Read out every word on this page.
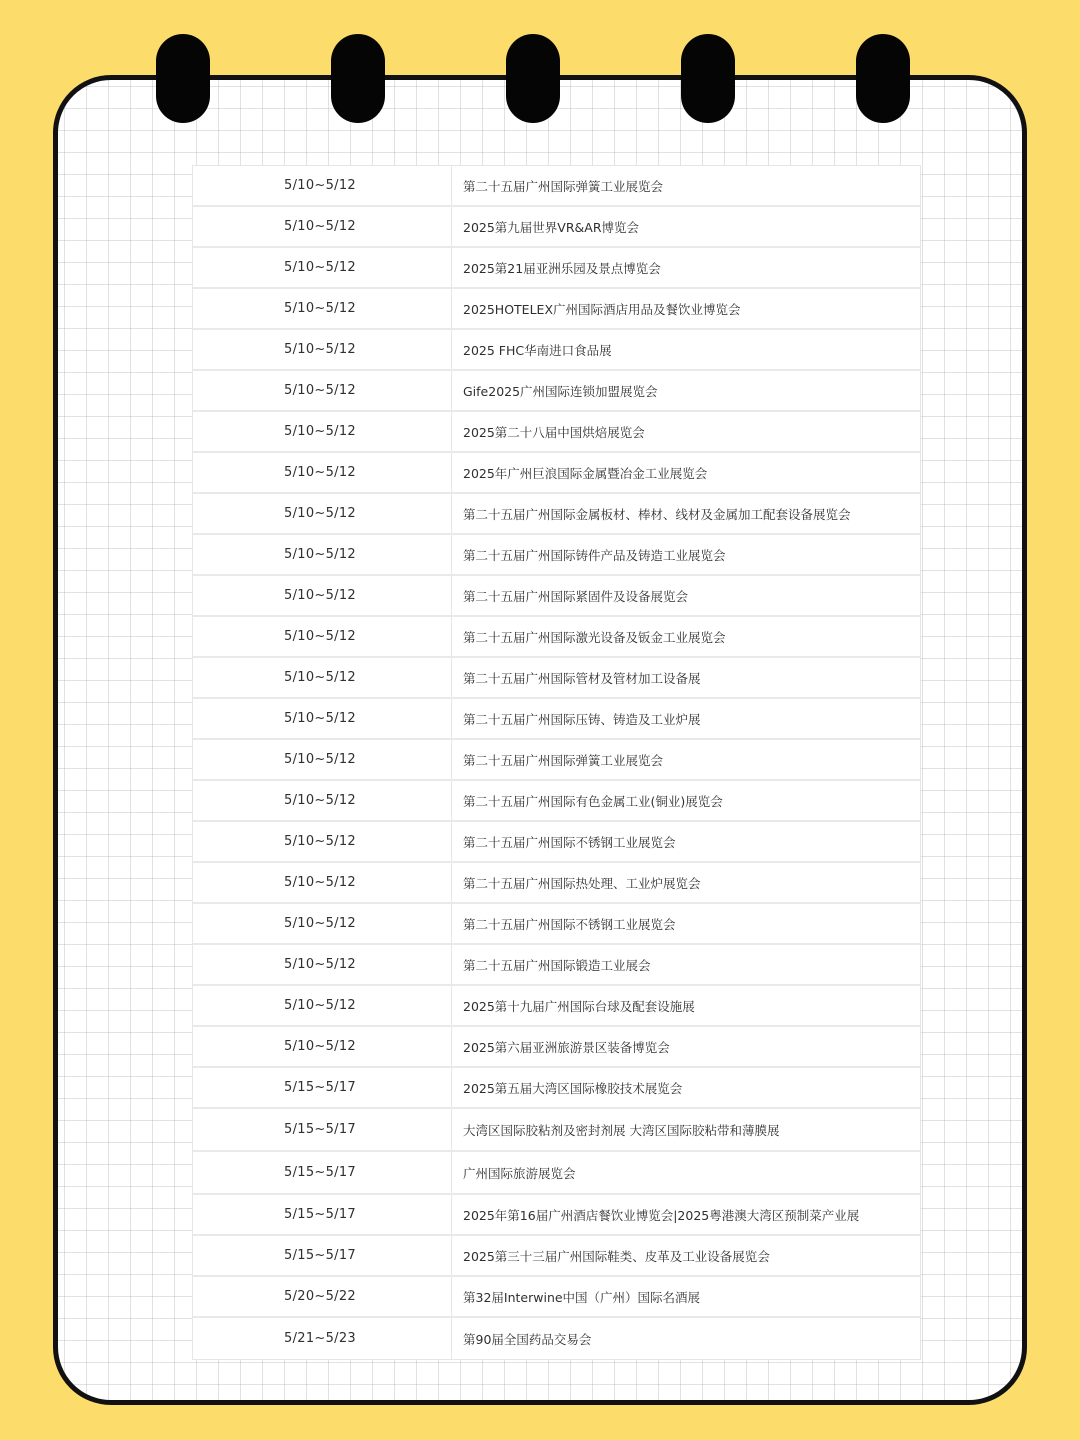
5/10~5/12	第二十五届广州国际弹簧工业展览会
5/10~5/12	2025第九届世界VR&AR博览会
5/10~5/12	2025第21届亚洲乐园及景点博览会
5/10~5/12	2025HOTELEX广州国际酒店用品及餐饮业博览会
5/10~5/12	2025 FHC华南进口食品展
5/10~5/12	Gife2025广州国际连锁加盟展览会
5/10~5/12	2025第二十八届中国烘焙展览会
5/10~5/12	2025年广州巨浪国际金属暨冶金工业展览会
5/10~5/12	第二十五届广州国际金属板材、棒材、线材及金属加工配套设备展览会
5/10~5/12	第二十五届广州国际铸件产品及铸造工业展览会
5/10~5/12	第二十五届广州国际紧固件及设备展览会
5/10~5/12	第二十五届广州国际激光设备及钣金工业展览会
5/10~5/12	第二十五届广州国际管材及管材加工设备展
5/10~5/12	第二十五届广州国际压铸、铸造及工业炉展
5/10~5/12	第二十五届广州国际弹簧工业展览会
5/10~5/12	第二十五届广州国际有色金属工业(铜业)展览会
5/10~5/12	第二十五届广州国际不锈钢工业展览会
5/10~5/12	第二十五届广州国际热处理、工业炉展览会
5/10~5/12	第二十五届广州国际不锈钢工业展览会
5/10~5/12	第二十五届广州国际锻造工业展会
5/10~5/12	2025第十九届广州国际台球及配套设施展
5/10~5/12	2025第六届亚洲旅游景区装备博览会
5/15~5/17	2025第五届大湾区国际橡胶技术展览会
5/15~5/17	大湾区国际胶粘剂及密封剂展 大湾区国际胶粘带和薄膜展
5/15~5/17	广州国际旅游展览会
5/15~5/17	2025年第16届广州酒店餐饮业博览会|2025粤港澳大湾区预制菜产业展
5/15~5/17	2025第三十三届广州国际鞋类、皮革及工业设备展览会
5/20~5/22	第32届Interwine中国（广州）国际名酒展
5/21~5/23	第90届全国药品交易会
